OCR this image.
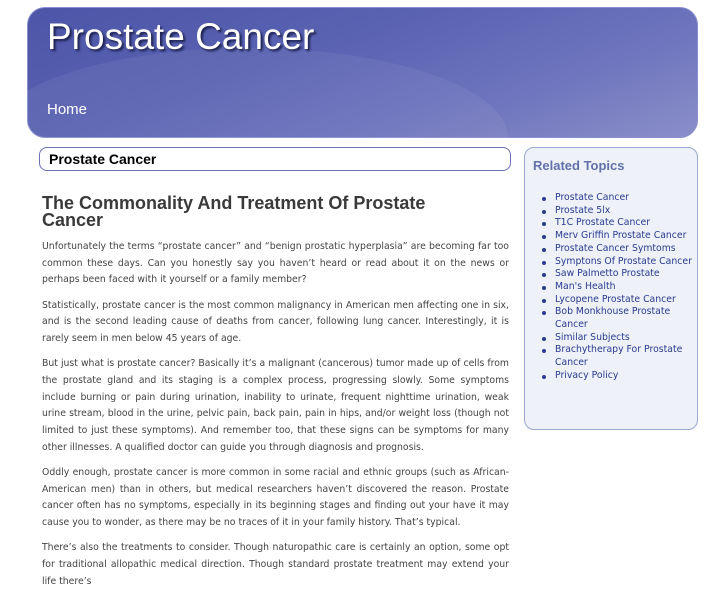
Prostate Cancer
Home
Prostate Cancer
The Commonality And Treatment Of Prostate Cancer

Unfortunately the terms “prostate cancer” and “benign prostatic hyperplasia” are becoming far too common these days. Can you honestly say you haven’t heard or read about it on the news or perhaps been faced with it yourself or a family member?

Statistically, prostate cancer is the most common malignancy in American men affecting one in six, and is the second leading cause of deaths from cancer, following lung cancer. Interestingly, it is rarely seem in men below 45 years of age.

But just what is prostate cancer? Basically it’s a malignant (cancerous) tumor made up of cells from the prostate gland and its staging is a complex process, progressing slowly. Some symptoms include burning or pain during urination, inability to urinate, frequent nighttime urination, weak urine stream, blood in the urine, pelvic pain, back pain, pain in hips, and/or weight loss (though not limited to just these symptoms). And remember too, that these signs can be symptoms for many other illnesses. A qualified doctor can guide you through diagnosis and prognosis.

Oddly enough, prostate cancer is more common in some racial and ethnic groups (such as African-American men) than in others, but medical researchers haven’t discovered the reason. Prostate cancer often has no symptoms, especially in its beginning stages and finding out your have it may cause you to wonder, as there may be no traces of it in your family history. That’s typical.

There’s also the treatments to consider. Though naturopathic care is certainly an option, some opt for traditional allopathic medical direction. Though standard prostate treatment may extend your life there’s

Related Topics
Prostate Cancer
Prostate 5lx
T1C Prostate Cancer
Merv Griffin Prostate Cancer
Prostate Cancer Symtoms
Symptons Of Prostate Cancer
Saw Palmetto Prostate
Man's Health
Lycopene Prostate Cancer
Bob Monkhouse Prostate Cancer
Similar Subjects
Brachytherapy For Prostate Cancer
Privacy Policy
